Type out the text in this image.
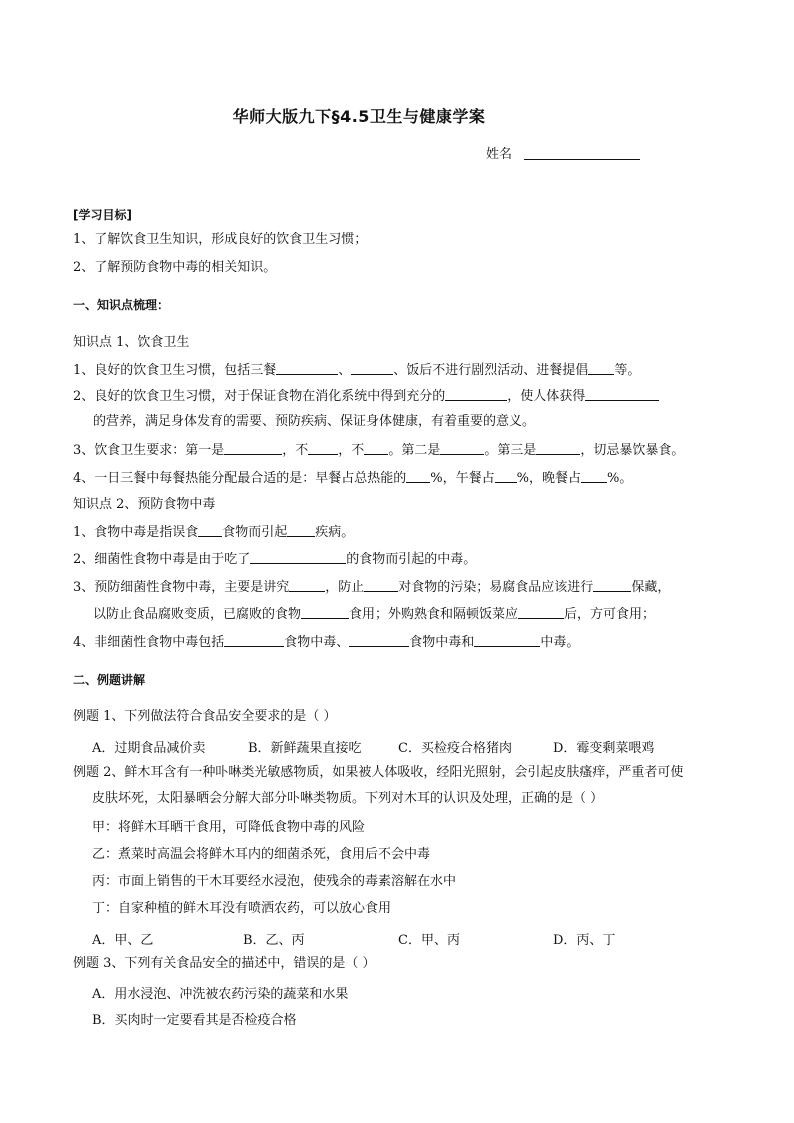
华师大版九下§4.5卫生与健康学案
姓名
[学习目标]
1、了解饮食卫生知识，形成良好的饮食卫生习惯；
2、了解预防食物中毒的相关知识。
一、知识点梳理：
知识点 1、饮食卫生
1、良好的饮食卫生习惯，包括三餐	、	、饭后不进行剧烈活动、进餐提倡 等。
2、良好的饮食卫生习惯，对于保证食物在消化系统中得到充分的	，使人体获得
的营养，满足身体发育的需要、预防疾病、保证身体健康，有着重要的意义。
3、饮食卫生要求：第一是	，不 ，不 。第二是	。第三是	，切忌暴饮暴食。
4、一日三餐中每餐热能分配最合适的是：早餐占总热能的 %，午餐占 %，晚餐占 %。
知识点 2、预防食物中毒
1、食物中毒是指误食 食物而引起 疾病。
2、细菌性食物中毒是由于吃了	的食物而引起的中毒。
3、预防细菌性食物中毒，主要是讲究	，防止	对食物的污染；易腐食品应该进行	保藏，
以防止食品腐败变质，已腐败的食物	食用；外购熟食和隔顿饭菜应	后，方可食用；
4、非细菌性食物中毒包括	食物中毒、	食物中毒和	中毒。
二、例题讲解
例题 1、下列做法符合食品安全要求的是（ ）
A．过期食品减价卖	B．新鲜蔬果直接吃	C．买检疫合格猪肉	D．霉变剩菜喂鸡
例题 2、鲜木耳含有一种卟啉类光敏感物质，如果被人体吸收，经阳光照射，会引起皮肤瘙痒，严重者可使
皮肤坏死，太阳暴晒会分解大部分卟啉类物质。下列对木耳的认识及处理，正确的是（ ）
甲：将鲜木耳晒干食用，可降低食物中毒的风险
乙：煮菜时高温会将鲜木耳内的细菌杀死，食用后不会中毒
丙：市面上销售的干木耳要经水浸泡，使残余的毒素溶解在水中
丁：自家种植的鲜木耳没有喷洒农药，可以放心食用
A．甲、乙	B．乙、丙	C．甲、丙	D．丙、丁
例题 3、下列有关食品安全的描述中，错误的是（ ）
A．用水浸泡、冲洗被农药污染的蔬菜和水果
B．买肉时一定要看其是否检疫合格
